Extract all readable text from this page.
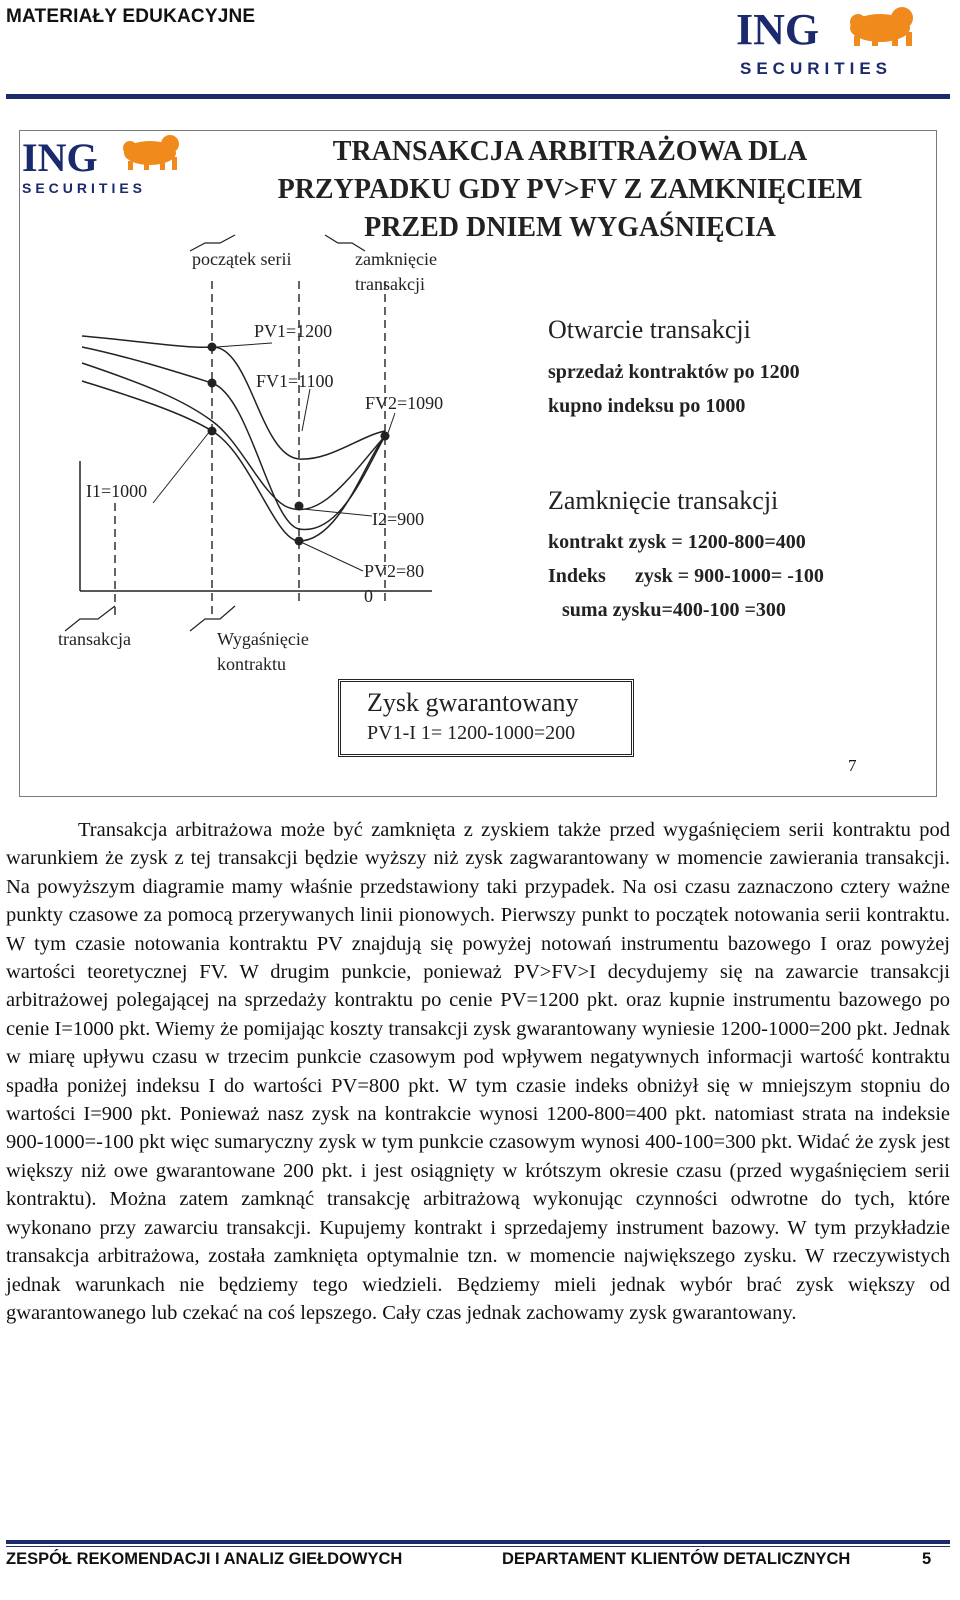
MATERIAŁY EDUKACYJNE	ING
SECURITIES
ING
SECURITIES
TRANSAKCJA ARBITRAŻOWA DLA
PRZYPADKU GDY PV>FV Z ZAMKNIĘCIEM
PRZED DNIEM WYGAŚNIĘCIA
początek serii	zamknięcie
transakcji
PV1=1200
FV1=1100
FV2=1090
I1=1000
I2=900
PV2=80
0
transakcja	Wygaśnięcie
kontraktu
Otwarcie transakcji
sprzedaż kontraktów po 1200
kupno indeksu po 1000
Zamknięcie transakcji
kontrakt zysk = 1200-800=400
Indeks zysk = 900-1000= -100
suma zysku=400-100 =300
Zysk gwarantowany
PV1-I 1= 1200-1000=200
7
Transakcja arbitrażowa może być zamknięta z zyskiem także przed wygaśnięciem serii kontraktu pod warunkiem że zysk z tej transakcji będzie wyższy niż zysk zagwarantowany w momencie zawierania transakcji. Na powyższym diagramie mamy właśnie przedstawiony taki przypadek. Na osi czasu zaznaczono cztery ważne punkty czasowe za pomocą przerywanych linii pionowych. Pierwszy punkt to początek notowania serii kontraktu. W tym czasie notowania kontraktu PV znajdują się powyżej notowań instrumentu bazowego I oraz powyżej wartości teoretycznej FV. W drugim punkcie, ponieważ PV>FV>I decydujemy się na zawarcie transakcji arbitrażowej polegającej na sprzedaży kontraktu po cenie PV=1200 pkt. oraz kupnie instrumentu bazowego po cenie I=1000 pkt. Wiemy że pomijając koszty transakcji zysk gwarantowany wyniesie 1200-1000=200 pkt. Jednak w miarę upływu czasu w trzecim punkcie czasowym pod wpływem negatywnych informacji wartość kontraktu spadła poniżej indeksu I do wartości PV=800 pkt. W tym czasie indeks obniżył się w mniejszym stopniu do wartości I=900 pkt. Ponieważ nasz zysk na kontrakcie wynosi 1200-800=400 pkt. natomiast strata na indeksie 900-1000=-100 pkt więc sumaryczny zysk w tym punkcie czasowym wynosi 400-100=300 pkt. Widać że zysk jest większy niż owe gwarantowane 200 pkt. i jest osiągnięty w krótszym okresie czasu (przed wygaśnięciem serii kontraktu). Można zatem zamknąć transakcję arbitrażową wykonując czynności odwrotne do tych, które wykonano przy zawarciu transakcji. Kupujemy kontrakt i sprzedajemy instrument bazowy. W tym przykładzie transakcja arbitrażowa, została zamknięta optymalnie tzn. w momencie największego zysku. W rzeczywistych jednak warunkach nie będziemy tego wiedzieli. Będziemy mieli jednak wybór brać zysk większy od gwarantowanego lub czekać na coś lepszego. Cały czas jednak zachowamy zysk gwarantowany.
ZESPÓŁ REKOMENDACJI I ANALIZ GIEŁDOWYCH	DEPARTAMENT KLIENTÓW DETALICZNYCH	5
